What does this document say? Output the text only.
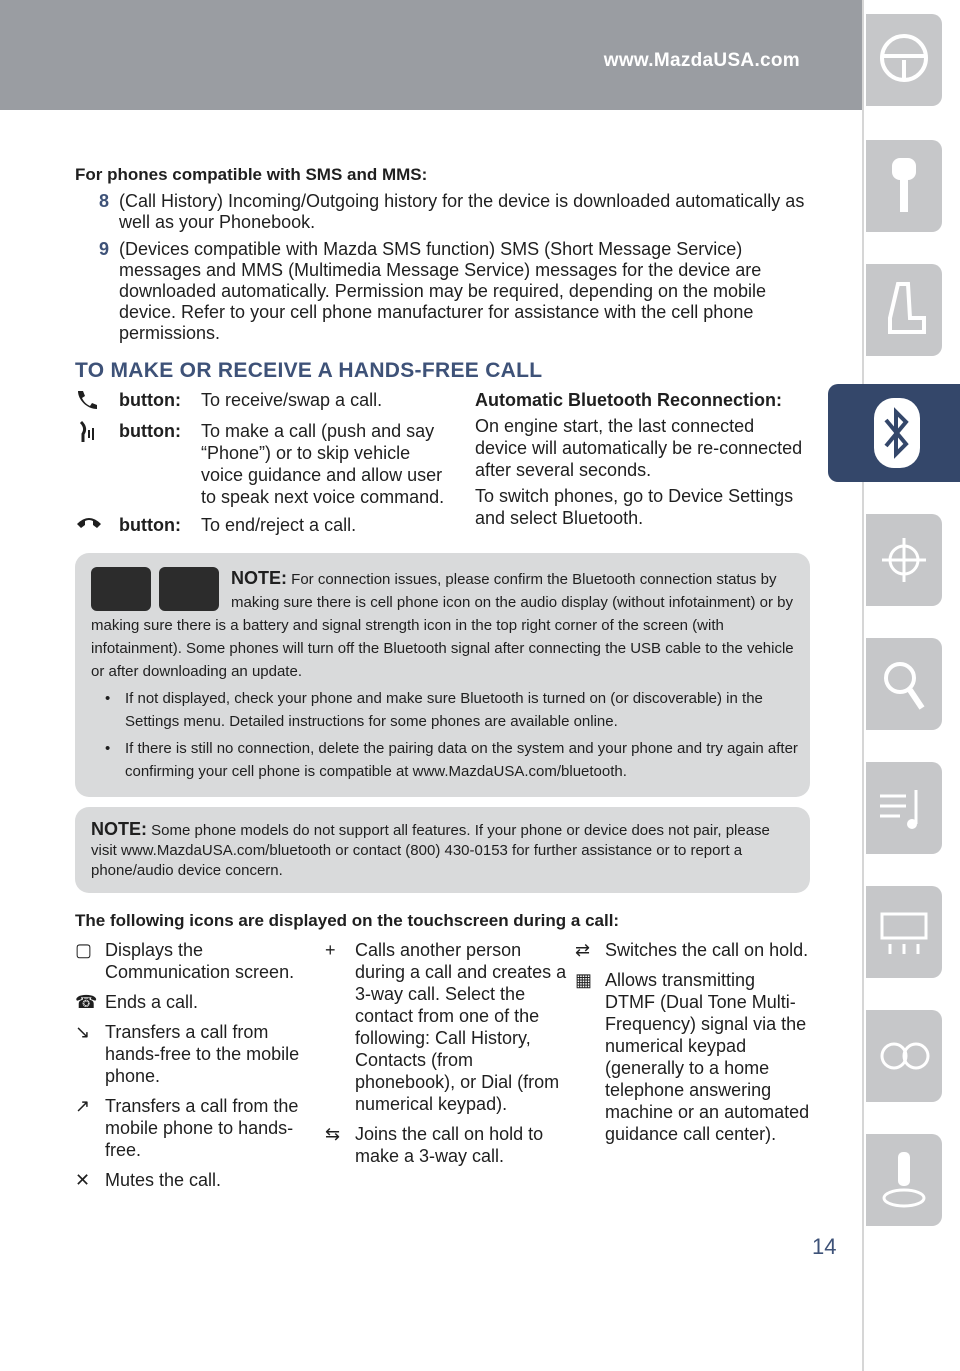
www.MazdaUSA.com
14
For phones compatible with SMS and MMS:
8 (Call History) Incoming/Outgoing history for the device is downloaded automatically as well as your Phonebook.
9 (Devices compatible with Mazda SMS function) SMS (Short Message Service) messages and MMS (Multimedia Message Service) messages for the device are downloaded automatically. Permission may be required, depending on the mobile device. Refer to your cell phone manufacturer for assistance with the cell phone permissions.
TO MAKE OR RECEIVE A HANDS-FREE CALL
button:	To receive/swap a call.
button:	To make a call (push and say “Phone”) or to skip vehicle voice guidance and allow user to speak next voice command.
button:	To end/reject a call.
Automatic Bluetooth Reconnection:
On engine start, the last connected device will automatically be re-connected after several seconds.
To switch phones, go to Device Settings and select Bluetooth.
NOTE: For connection issues, please confirm the Bluetooth connection status by making sure there is cell phone icon on the audio display (without infotainment) or by making sure there is a battery and signal strength icon in the top right corner of the screen (with infotainment). Some phones will turn off the Bluetooth signal after connecting the USB cable to the vehicle or after downloading an update.
• If not displayed, check your phone and make sure Bluetooth is turned on (or discoverable) in the Settings menu. Detailed instructions for some phones are available online.
• If there is still no connection, delete the pairing data on the system and your phone and try again after confirming your cell phone is compatible at www.MazdaUSA.com/bluetooth.
NOTE: Some phone models do not support all features. If your phone or device does not pair, please visit www.MazdaUSA.com/bluetooth or contact (800) 430-0153 for further assistance or to report a phone/audio device concern.
The following icons are displayed on the touchscreen during a call:
▢ Displays the Communication screen.
☎ Ends a call.
↘ Transfers a call from hands-free to the mobile phone.
↗ Transfers a call from the mobile phone to hands-free.
✕ Mutes the call.
+	Calls another person during a call and creates a 3-way call. Select the contact from one of the following: Call History, Contacts (from phonebook), or Dial (from numerical keypad).
⇆ Joins the call on hold to make a 3-way call.
⇄ Switches the call on hold.
▦ Allows transmitting DTMF (Dual Tone Multi-Frequency) signal via the numerical keypad (generally to a home telephone answering machine or an automated guidance call center).
